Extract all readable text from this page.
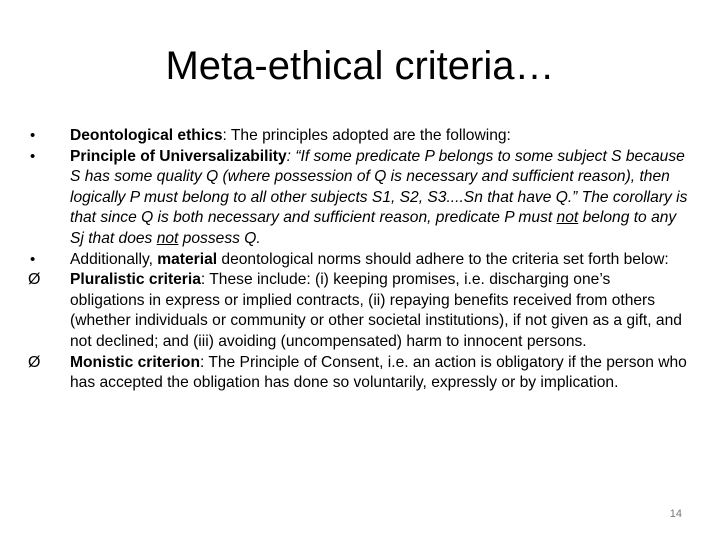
Meta-ethical criteria…
•	Deontological ethics: The principles adopted are the following:
•	Principle of Universalizability: “If some predicate P belongs to some subject S because S has some quality Q (where possession of Q is necessary and sufficient reason), then logically P must belong to all other subjects S1, S2, S3....Sn that have Q.” The corollary is that since Q is both necessary and sufficient reason, predicate P must not belong to any Sj that does not possess Q.
•	Additionally, material deontological norms should adhere to the criteria set forth below:
Ø	Pluralistic criteria: These include: (i) keeping promises, i.e. discharging one’s obligations in express or implied contracts, (ii) repaying benefits received from others (whether individuals or community or other societal institutions), if not given as a gift, and not declined; and (iii) avoiding (uncompensated) harm to innocent persons.
Ø	Monistic criterion: The Principle of Consent, i.e. an action is obligatory if the person who has accepted the obligation has done so voluntarily, expressly or by implication.
14
